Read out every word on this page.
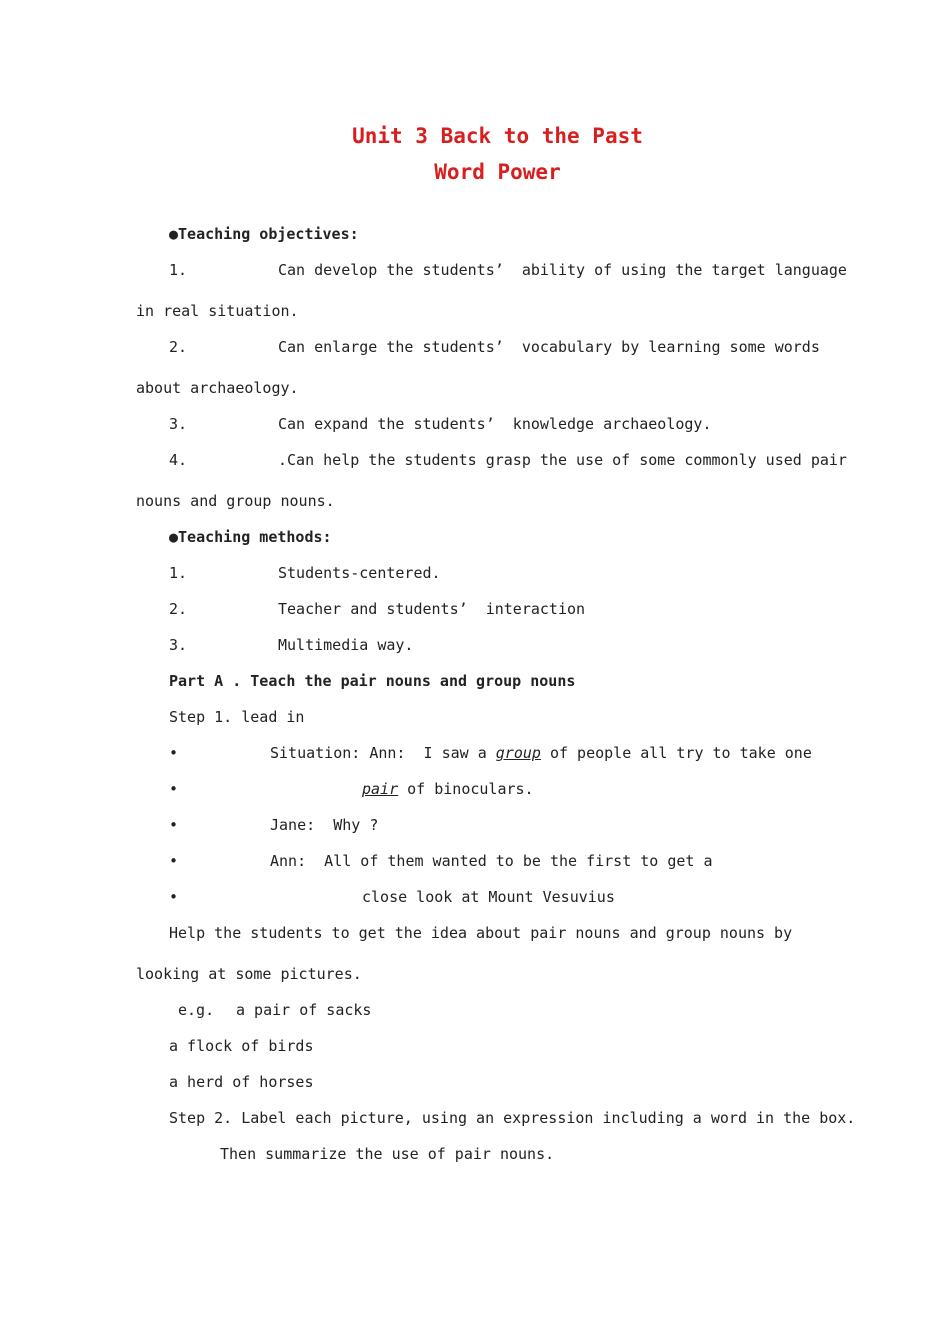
Unit 3 Back to the Past
Word Power
●Teaching objectives:
1.	Can develop the students’  ability of using the target language
in real situation.
2.	Can enlarge the students’  vocabulary by learning some words
about archaeology.
3.	Can expand the students’  knowledge archaeology.
4.	.Can help the students grasp the use of some commonly used pair
nouns and group nouns.
●Teaching methods:
1.	Students-centered.
2.	Teacher and students’  interaction
3.	Multimedia way.
Part A . Teach the pair nouns and group nouns
Step 1. lead in
•	Situation: Ann:  I saw a group of people all try to take one
•	pair of binoculars.
•	Jane:  Why ?
•	Ann:  All of them wanted to be the first to get a
•	close look at Mount Vesuvius
Help the students to get the idea about pair nouns and group nouns by
looking at some pictures.
e.g. a pair of sacks
a flock of birds
a herd of horses
Step 2. Label each picture, using an expression including a word in the box.
Then summarize the use of pair nouns.
